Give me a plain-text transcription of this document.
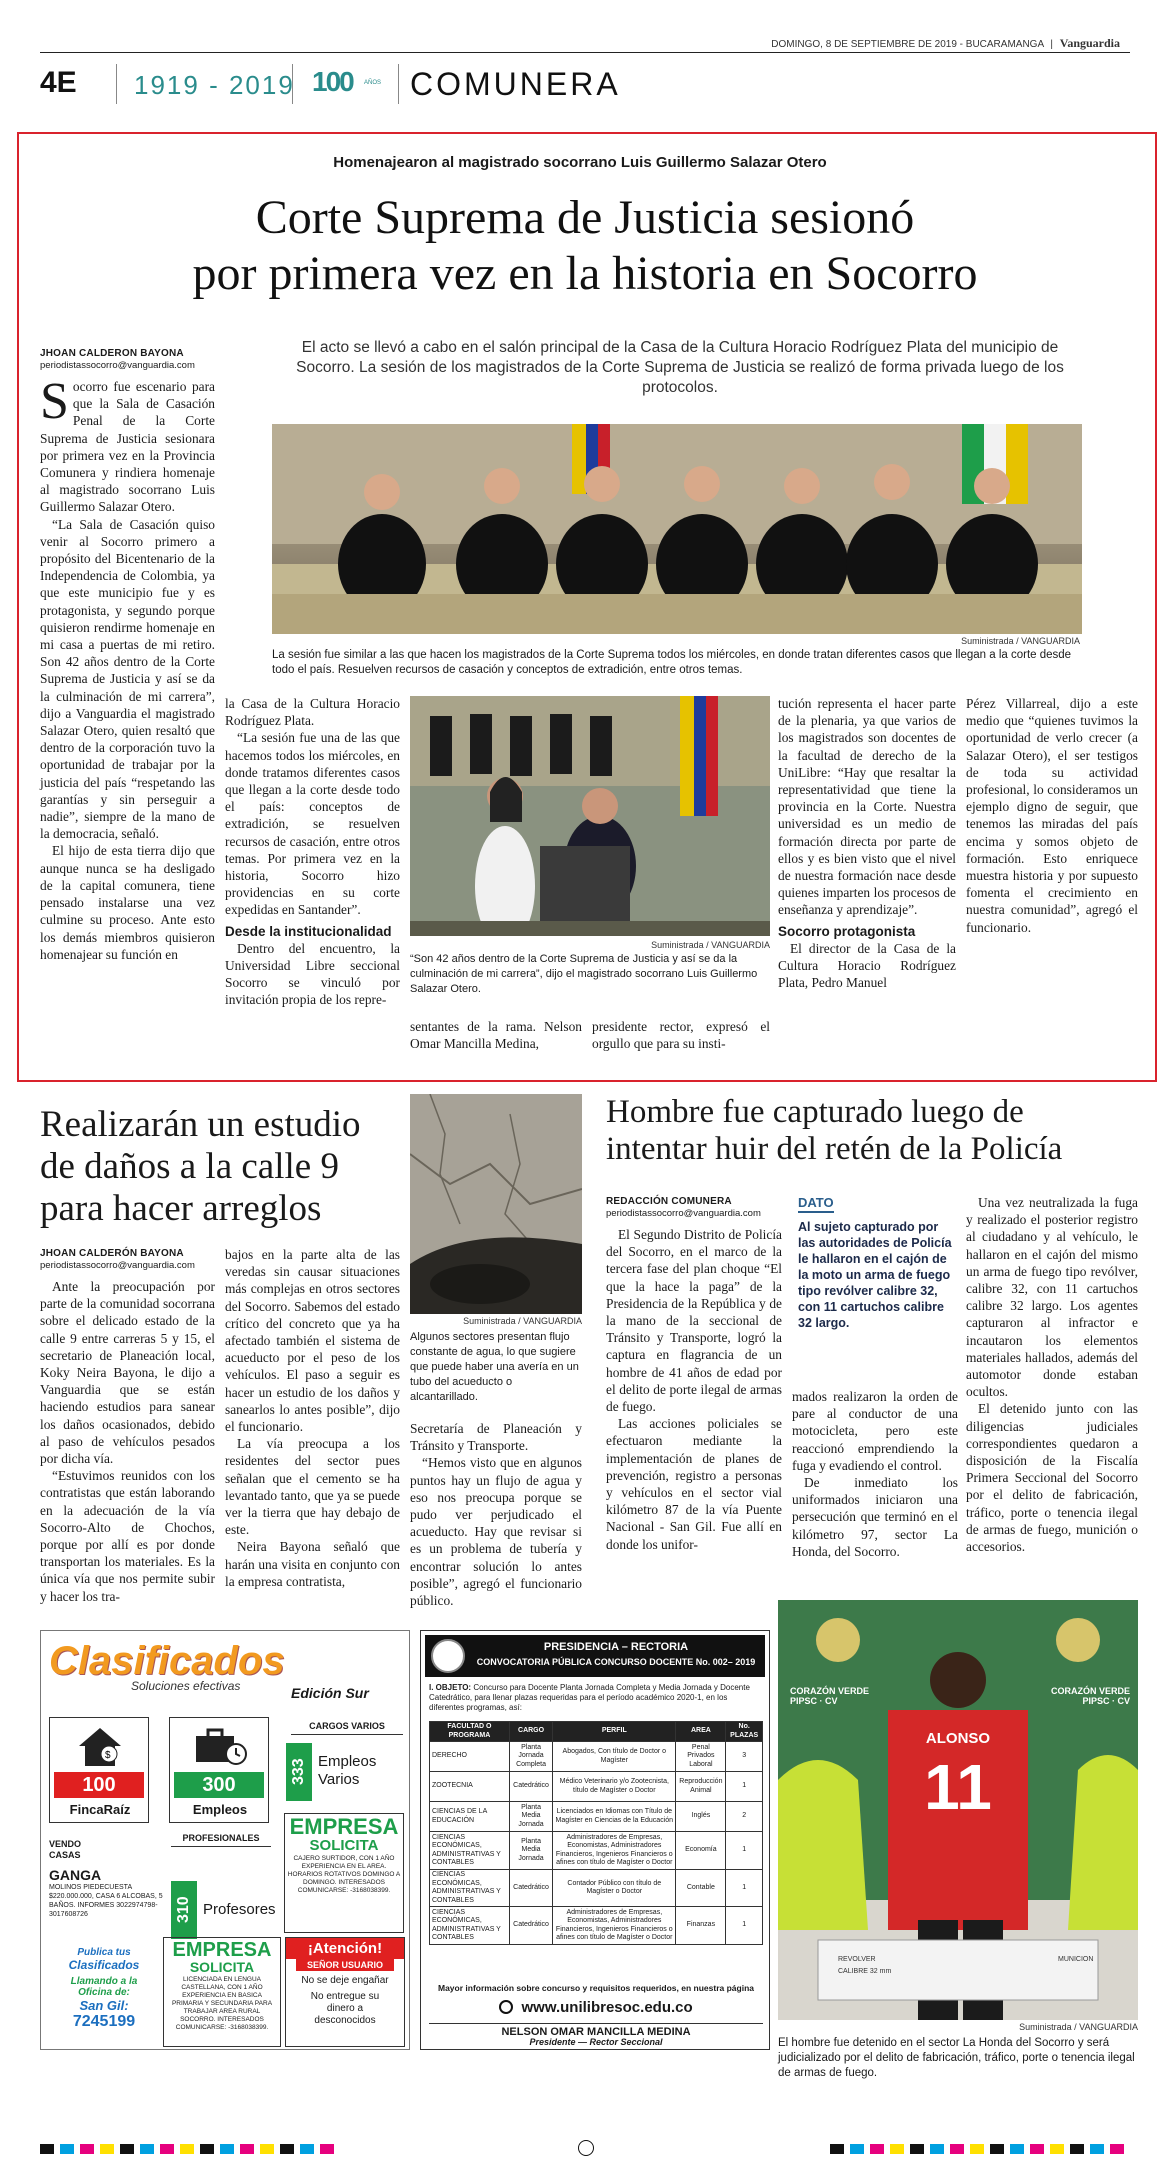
DOMINGO, 8 DE SEPTIEMBRE DE 2019 - BUCARAMANGA | Vanguardia
4E 1919 - 2019 100 AÑOS COMUNERA
Homenajearon al magistrado socorrano Luis Guillermo Salazar Otero
Corte Suprema de Justicia sesionó
por primera vez en la historia en Socorro
El acto se llevó a cabo en el salón principal de la Casa de la Cultura Horacio Rodríguez Plata del municipio de Socorro. La sesión de los magistrados de la Corte Suprema de Justicia se realizó de forma privada luego de los protocolos.
JHOAN CALDERON BAYONA
periodistassocorro@vanguardia.com
S ocorro fue escenario para que la Sala de Casación Penal de la Corte Suprema de Justicia sesionara por primera vez en la Provincia Comunera y rindiera homenaje al magistrado socorrano Luis Guillermo Salazar Otero.

“La Sala de Casación quiso venir al Socorro primero a propósito del Bicentenario de la Independencia de Colombia, ya que este municipio fue y es protagonista, y segundo porque quisieron rendirme homenaje en mi casa a puertas de mi retiro. Son 42 años dentro de la Corte Suprema de Justicia y así se da la culminación de mi carrera”, dijo a Vanguardia el magistrado Salazar Otero, quien resaltó que dentro de la corporación tuvo la oportunidad de trabajar por la justicia del país “respetando las garantías y sin perseguir a nadie”, siempre de la mano de la democracia, señaló.

El hijo de esta tierra dijo que aunque nunca se ha desligado de la capital comunera, tiene pensado instalarse una vez culmine su proceso. Ante esto los demás miembros quisieron homenajear su función en

Suministrada / VANGUARDIA
La sesión fue similar a las que hacen los magistrados de la Corte Suprema todos los miércoles, en donde tratan diferentes casos que llegan a la corte desde todo el país. Resuelven recursos de casación y conceptos de extradición, entre otros temas.

la Casa de la Cultura Horacio Rodríguez Plata.

“La sesión fue una de las que hacemos todos los miércoles, en donde tratamos diferentes casos que llegan a la corte desde todo el país: conceptos de extradición, se resuelven recursos de casación, entre otros temas. Por primera vez en la historia, Socorro hizo providencias en su corte expedidas en Santander”.

Desde la institucionalidad

Dentro del encuentro, la Universidad Libre seccional Socorro se vinculó por invitación propia de los repre-

Suministrada / VANGUARDIA
“Son 42 años dentro de la Corte Suprema de Justicia y así se da la culminación de mi carrera”, dijo el magistrado socorrano Luis Guillermo Salazar Otero.

sentantes de la rama. Nelson Omar Mancilla Medina,

presidente rector, expresó el orgullo que para su insti-

tución representa el hacer parte de la plenaria, ya que varios de los magistrados son docentes de la facultad de derecho de la UniLibre: “Hay que resaltar la representatividad que tiene la provincia en la Corte. Nuestra universidad es un medio de formación directa por parte de ellos y es bien visto que el nivel de nuestra formación nace desde quienes imparten los procesos de enseñanza y aprendizaje”.

Socorro protagonista

El director de la Casa de la Cultura Horacio Rodríguez Plata, Pedro Manuel

Pérez Villarreal, dijo a este medio que “quienes tuvimos la oportunidad de verlo crecer (a Salazar Otero), el ser testigos de toda su actividad profesional, lo consideramos un ejemplo digno de seguir, que tenemos las miradas del país encima y somos objeto de formación. Esto enriquece muestra historia y por supuesto fomenta el crecimiento en nuestra comunidad”, agregó el funcionario.

Realizarán un estudio
de daños a la calle 9
para hacer arreglos
JHOAN CALDERÓN BAYONA
periodistassocorro@vanguardia.com

Ante la preocupación por parte de la comunidad socorrana sobre el delicado estado de la calle 9 entre carreras 5 y 15, el secretario de Planeación local, Koky Neira Bayona, le dijo a Vanguardia que se están haciendo estudios para sanear los daños ocasionados, debido al paso de vehículos pesados por dicha vía.

“Estuvimos reunidos con los contratistas que están laborando en la adecuación de la vía Socorro-Alto de Chochos, porque por allí es por donde transportan los materiales. Es la única vía que nos permite subir y hacer los tra-

bajos en la parte alta de las veredas sin causar situaciones más complejas en otros sectores del Socorro. Sabemos del estado crítico del concreto que ya ha afectado también el sistema de acueducto por el peso de los vehículos. El paso a seguir es hacer un estudio de los daños y sanearlos lo antes posible”, dijo el funcionario.

La vía preocupa a los residentes del sector pues señalan que el cemento se ha levantado tanto, que ya se puede ver la tierra que hay debajo de este.

Neira Bayona señaló que harán una visita en conjunto con la empresa contratista,

Suministrada / VANGUARDIA
Algunos sectores presentan flujo constante de agua, lo que sugiere que puede haber una avería en un tubo del acueducto o alcantarillado.

Secretaría de Planeación y Tránsito y Transporte.

“Hemos visto que en algunos puntos hay un flujo de agua y eso nos preocupa porque se pudo ver perjudicado el acueducto. Hay que revisar si es un problema de tubería y encontrar solución lo antes posible”, agregó el funcionario público.

Hombre fue capturado luego de
intentar huir del retén de la Policía
REDACCIÓN COMUNERA
periodistassocorro@vanguardia.com

El Segundo Distrito de Policía del Socorro, en el marco de la tercera fase del plan choque “El que la hace la paga” de la Presidencia de la República y de la mano de la seccional de Tránsito y Transporte, logró la captura en flagrancia de un hombre de 41 años de edad por el delito de porte ilegal de armas de fuego.

Las acciones policiales se efectuaron mediante la implementación de planes de prevención, registro a personas y vehículos en el sector vial kilómetro 87 de la vía Puente Nacional - San Gil. Fue allí en donde los unifor-

DATO
Al sujeto capturado por las autoridades de Policía le hallaron en el cajón de la moto un arma de fuego tipo revólver calibre 32, con 11 cartuchos calibre 32 largo.

mados realizaron la orden de pare al conductor de una motocicleta, pero este reaccionó emprendiendo la fuga y evadiendo el control.

De inmediato los uniformados iniciaron una persecución que terminó en el kilómetro 97, sector La Honda, del Socorro.

Una vez neutralizada la fuga y realizado el posterior registro al ciudadano y al vehículo, le hallaron en el cajón del mismo un arma de fuego tipo revólver, calibre 32, con 11 cartuchos calibre 32 largo. Los agentes capturaron al infractor e incautaron los elementos materiales hallados, además del automotor donde estaban ocultos.

El detenido junto con las diligencias judiciales correspondientes quedaron a disposición de la Fiscalía Primera Seccional del Socorro por el delito de fabricación, tráfico, porte o tenencia ilegal de armas de fuego, munición o accesorios.

CORAZÓN VERDE
PIPSC · CV
CORAZÓN VERDE
PIPSC · CV
ALONSO
11
REVOLVER
CALIBRE 32 mm
MUNICION
Suministrada / VANGUARDIA
El hombre fue detenido en el sector La Honda del Socorro y será judicializado por el delito de fabricación, tráfico, porte o tenencia ilegal de armas de fuego.
Clasificados
Soluciones efectivas	Edición Sur
$
100
FincaRaíz
300
Empleos
CARGOS VARIOS
333 Empleos Varios
VENDO CASAS
GANGA
MOLINOS PIEDECUESTA $220.000.000, CASA 6 ALCOBAS, 5 BAÑOS. INFORMES 3022974798-3017608726
PROFESIONALES
310 Profesores
EMPRESA
SOLICITA
CAJERO SURTIDOR, CON 1 AÑO EXPERIENCIA EN EL AREA. HORARIOS ROTATIVOS DOMINGO A DOMINGO. INTERESADOS COMUNICARSE: -3168038399.
Publica tus
Clasificados
Llamando a la
Oficina de:
San Gil:
7245199
EMPRESA
SOLICITA
LICENCIADA EN LENGUA CASTELLANA, CON 1 AÑO EXPERIENCIA EN BASICA PRIMARIA Y SECUNDARIA PARA TRABAJAR AREA RURAL SOCORRO. INTERESADOS COMUNICARSE: -3168038399.
¡Atención!
SEÑOR USUARIO
No se deje engañar
No entregue su dinero a desconocidos
PRESIDENCIA – RECTORIA
CONVOCATORIA PÚBLICA CONCURSO DOCENTE No. 002– 2019
I. OBJETO: Concurso para Docente Planta Jornada Completa y Media Jornada y Docente Catedrático, para llenar plazas requeridas para el período académico 2020-1, en los diferentes programas, así:
FACULTAD O PROGRAMA	CARGO	PERFIL	AREA	No. PLAZAS
DERECHO	Planta Jornada Completa	Abogados, Con título de Doctor o Magíster	Penal Privados Laboral	3
ZOOTECNIA	Catedrático	Médico Veterinario y/o Zootecnista, título de Magíster o Doctor	Reproducción Animal	1
CIENCIAS DE LA EDUCACIÓN	Planta Media Jornada	Licenciados en Idiomas con Título de Magíster en Ciencias de la Educación	Inglés	2
CIENCIAS ECONÓMICAS, ADMINISTRATIVAS Y CONTABLES	Planta Media Jornada	Administradores de Empresas, Economistas, Administradores Financieros, Ingenieros Financieros o afines con título de Magíster o Doctor	Economía	1
CIENCIAS ECONÓMICAS, ADMINISTRATIVAS Y CONTABLES	Catedrático	Contador Público con título de Magíster o Doctor	Contable	1
CIENCIAS ECONÓMICAS, ADMINISTRATIVAS Y CONTABLES	Catedrático	Administradores de Empresas, Economistas, Administradores Financieros, Ingenieros Financieros o afines con título de Magíster o Doctor	Finanzas	1
Mayor información sobre concurso y requisitos requeridos, en nuestra página
www.unilibresoc.edu.co
NELSON OMAR MANCILLA MEDINA
Presidente — Rector Seccional
